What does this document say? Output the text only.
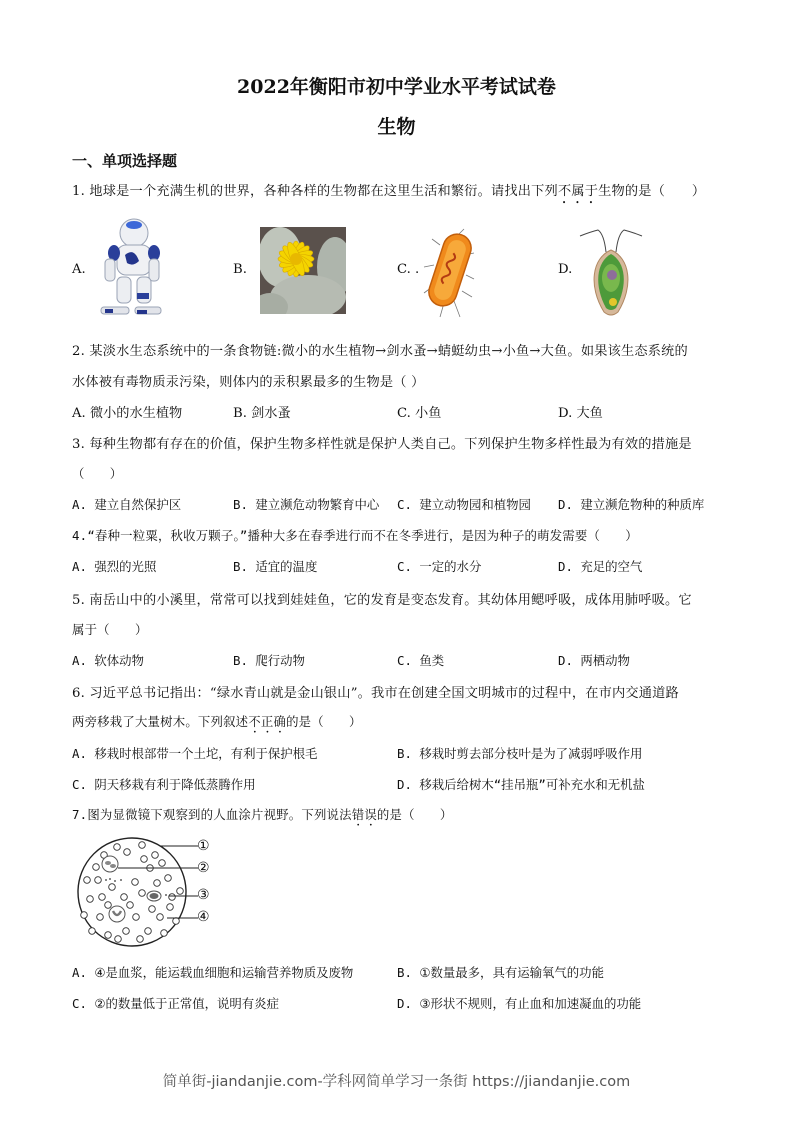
2022年衡阳市初中学业水平考试试卷
生物
一、单项选择题
1. 地球是一个充满生机的世界，各种各样的生物都在这里生活和繁衍。请找出下列不属于生物的是（　　）
A.	B.	C. .	D.
2. 某淡水生态系统中的一条食物链:微小的水生植物→剑水蚤→蜻蜓幼虫→小鱼→大鱼。如果该生态系统的
水体被有毒物质汞污染，则体内的汞积累最多的生物是（ ）
A. 微小的水生植物	B. 剑水蚤	C. 小鱼	D. 大鱼
3. 每种生物都有存在的价值，保护生物多样性就是保护人类自己。下列保护生物多样性最为有效的措施是
（　　）
A. 建立自然保护区	B. 建立濒危动物繁育中心 C. 建立动物园和植物园 D. 建立濒危物种的种质库
4.“春种一粒粟，秋收万颗子。”播种大多在春季进行而不在冬季进行，是因为种子的萌发需要（　　）
A. 强烈的光照	B. 适宜的温度	C. 一定的水分	D. 充足的空气
5. 南岳山中的小溪里，常常可以找到娃娃鱼，它的发育是变态发育。其幼体用鳃呼吸，成体用肺呼吸。它
属于（　　）
A. 软体动物	B. 爬行动物	C. 鱼类	D. 两栖动物
6. 习近平总书记指出：“绿水青山就是金山银山”。我市在创建全国文明城市的过程中，在市内交通道路
两旁移栽了大量树木。下列叙述不正确的是（　　）
A. 移栽时根部带一个土坨，有利于保护根毛	B. 移栽时剪去部分枝叶是为了减弱呼吸作用
C. 阴天移栽有利于降低蒸腾作用	D. 移栽后给树木“挂吊瓶”可补充水和无机盐
7.图为显微镜下观察到的人血涂片视野。下列说法错误的是（　　）
①
②
③
④
A. ④是血浆，能运载血细胞和运输营养物质及废物	B. ①数量最多，具有运输氧气的功能
C. ②的数量低于正常值，说明有炎症	D. ③形状不规则，有止血和加速凝血的功能
简单街-jiandanjie.com-学科网简单学习一条街 https://jiandanjie.com
